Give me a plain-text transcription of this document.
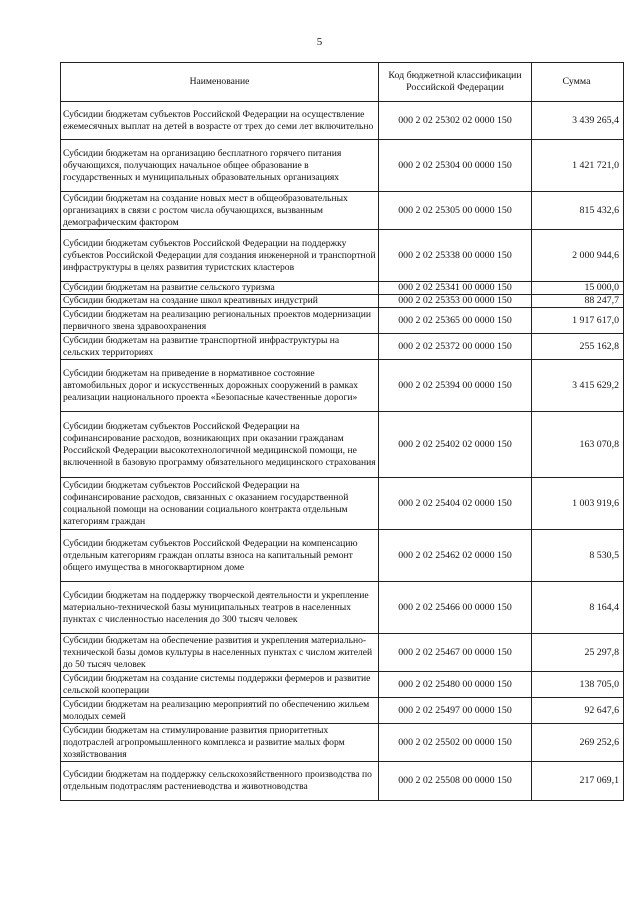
5
Наименование	Код бюджетной классификации Российской Федерации	Сумма
Субсидии бюджетам субъектов Российской Федерации на осуществление ежемесячных выплат на детей в возрасте от трех до семи лет включительно	000 2 02 25302 02 0000 150	3 439 265,4
Субсидии бюджетам на организацию бесплатного горячего питания обучающихся, получающих начальное общее образование в государственных и муниципальных образовательных организациях	000 2 02 25304 00 0000 150	1 421 721,0
Субсидии бюджетам на создание новых мест в общеобразовательных организациях в связи с ростом числа обучающихся, вызванным демографическим фактором	000 2 02 25305 00 0000 150	815 432,6
Субсидии бюджетам субъектов Российской Федерации на поддержку субъектов Российской Федерации для создания инженерной и транспортной инфраструктуры в целях развития туристских кластеров	000 2 02 25338 00 0000 150	2 000 944,6
Субсидии бюджетам на развитие сельского туризма	000 2 02 25341 00 0000 150	15 000,0
Субсидии бюджетам на создание школ креативных индустрий	000 2 02 25353 00 0000 150	88 247,7
Субсидии бюджетам на реализацию региональных проектов модернизации первичного звена здравоохранения	000 2 02 25365 00 0000 150	1 917 617,0
Субсидии бюджетам на развитие транспортной инфраструктуры на сельских территориях	000 2 02 25372 00 0000 150	255 162,8
Субсидии бюджетам на приведение в нормативное состояние автомобильных дорог и искусственных дорожных сооружений в рамках реализации национального проекта «Безопасные качественные дороги»	000 2 02 25394 00 0000 150	3 415 629,2
Субсидии бюджетам субъектов Российской Федерации на софинансирование расходов, возникающих при оказании гражданам Российской Федерации высокотехнологичной медицинской помощи, не включенной в базовую программу обязательного медицинского страхования	000 2 02 25402 02 0000 150	163 070,8
Субсидии бюджетам субъектов Российской Федерации на софинансирование расходов, связанных с оказанием государственной социальной помощи на основании социального контракта отдельным категориям граждан	000 2 02 25404 02 0000 150	1 003 919,6
Субсидии бюджетам субъектов Российской Федерации на компенсацию отдельным категориям граждан оплаты взноса на капитальный ремонт общего имущества в многоквартирном доме	000 2 02 25462 02 0000 150	8 530,5
Субсидии бюджетам на поддержку творческой деятельности и укрепление материально-технической базы муниципальных театров в населенных пунктах с численностью населения до 300 тысяч человек	000 2 02 25466 00 0000 150	8 164,4
Субсидии бюджетам на обеспечение развития и укрепления материально-технической базы домов культуры в населенных пунктах с числом жителей до 50 тысяч человек	000 2 02 25467 00 0000 150	25 297,8
Субсидии бюджетам на создание системы поддержки фермеров и развитие сельской кооперации	000 2 02 25480 00 0000 150	138 705,0
Субсидии бюджетам на реализацию мероприятий по обеспечению жильем молодых семей	000 2 02 25497 00 0000 150	92 647,6
Субсидии бюджетам на стимулирование развития приоритетных подотраслей агропромышленного комплекса и развитие малых форм хозяйствования	000 2 02 25502 00 0000 150	269 252,6
Субсидии бюджетам на поддержку сельскохозяйственного производства по отдельным подотраслям растениеводства и животноводства	000 2 02 25508 00 0000 150	217 069,1
